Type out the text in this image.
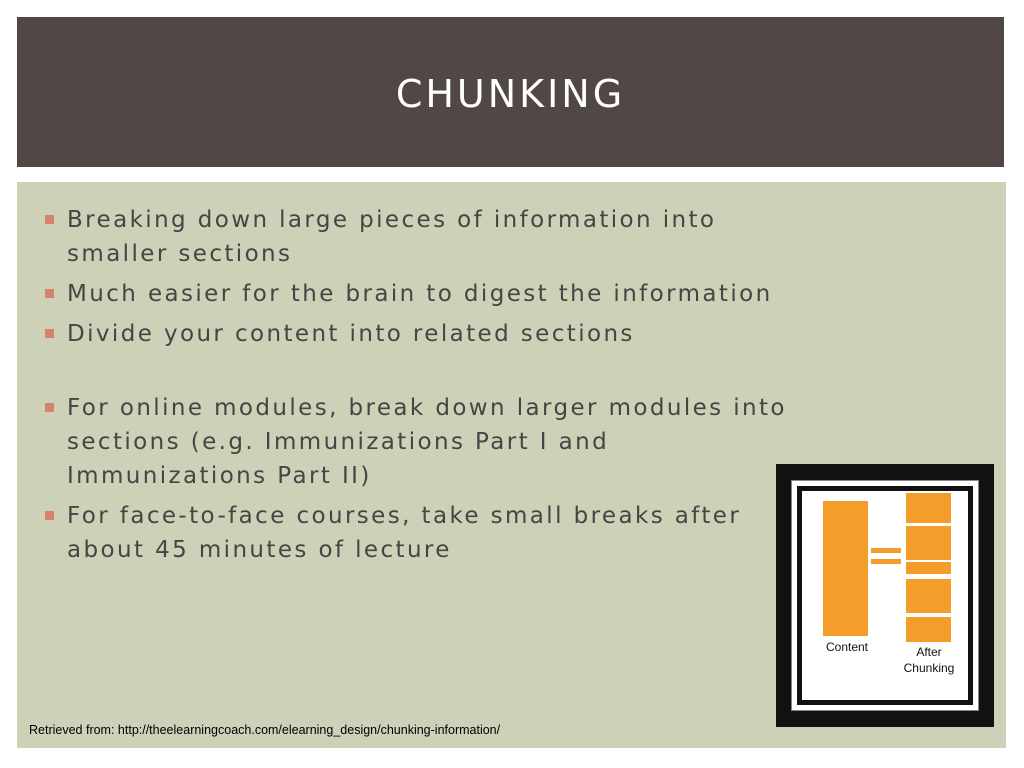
CHUNKING
Breaking down large pieces of information into smaller sections
Much easier for the brain to digest the information
Divide your content into related sections
For online modules, break down larger modules into sections (e.g. Immunizations Part I and Immunizations Part II)
For face-to-face courses, take small breaks after about 45 minutes of lecture
Content	After
Chunking
Retrieved from: http://theelearningcoach.com/elearning_design/chunking-information/
